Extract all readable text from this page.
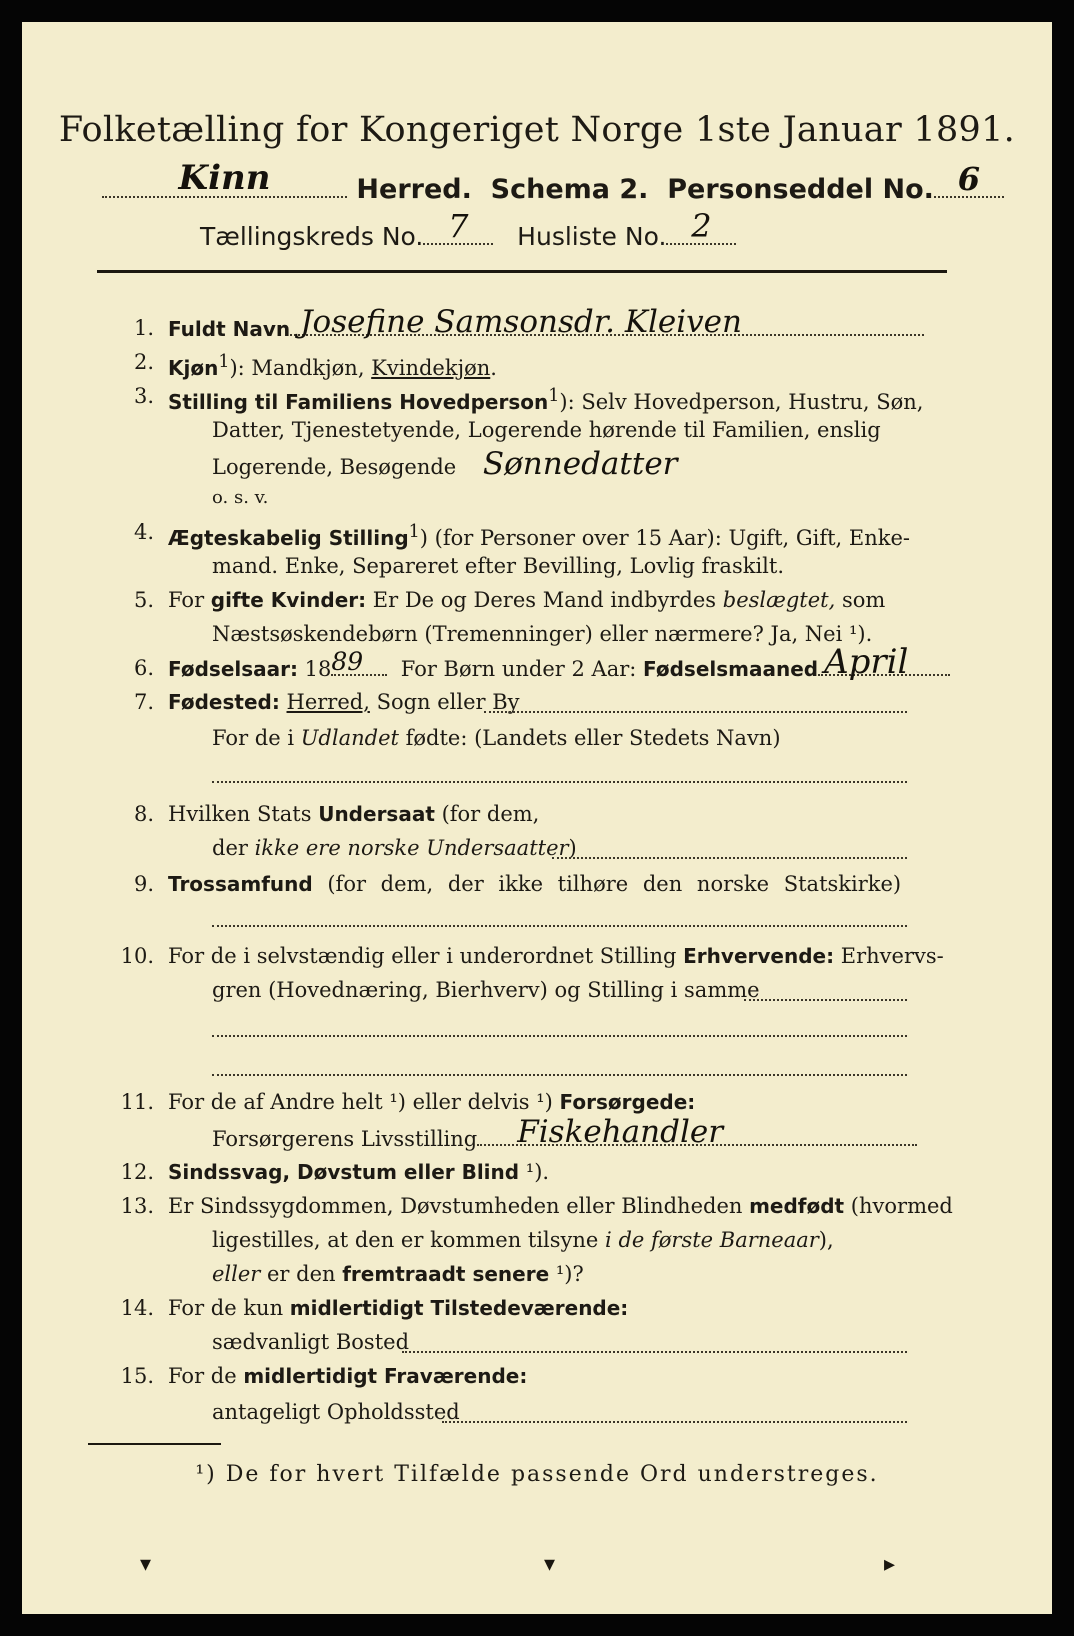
Folketælling for Kongeriget Norge 1ste Januar 1891.
Kinn	Herred. Schema 2. Personseddel No. 6
Tællingskreds No. 7	Husliste No. 2
1. Fuldt Navn Josefine Samsonsdr. Kleiven
2. Kjøn$^1$): Mandkjøn, Kvindekjøn.
3. Stilling til Familiens Hovedperson$^1$): Selv Hovedperson, Hustru, Søn,
Datter, Tjenestetyende, Logerende hørende til Familien, enslig
Logerende, Besøgende Sønnedatter
o. s. v.
4. Ægteskabelig Stilling$^1$) (for Personer over 15 Aar): Ugift, Gift, Enke-
mand. Enke, Separeret efter Bevilling, Lovlig fraskilt.
5. For gifte Kvinder: Er De og Deres Mand indbyrdes beslægtet, som
Næstsøskendebørn (Tremenninger) eller nærmere? Ja, Nei ¹).
6. Fødselsaar: 18 89	For Børn under 2 Aar: Fødselsmaaned April
7. Fødested: Herred, Sogn eller By
For de i Udlandet fødte: (Landets eller Stedets Navn)
8. Hvilken Stats Undersaat (for dem,
der ikke ere norske Undersaatter)
9. Trossamfund (for dem, der ikke tilhøre den norske Statskirke)
10. For de i selvstændig eller i underordnet Stilling Erhvervende: Erhvervs-
gren (Hovednæring, Bierhverv) og Stilling i samme
11. For de af Andre helt ¹) eller delvis ¹) Forsørgede:
Forsørgerens Livsstilling Fiskehandler
12. Sindssvag, Døvstum eller Blind ¹).
13. Er Sindssygdommen, Døvstumheden eller Blindheden medfødt (hvormed
ligestilles, at den er kommen tilsyne i de første Barneaar),
eller er den fremtraadt senere ¹)?
14. For de kun midlertidigt Tilstedeværende:
sædvanligt Bosted
15. For de midlertidigt Fraværende:
antageligt Opholdssted
¹) De for hvert Tilfælde passende Ord understreges.
▾	▾	▸
